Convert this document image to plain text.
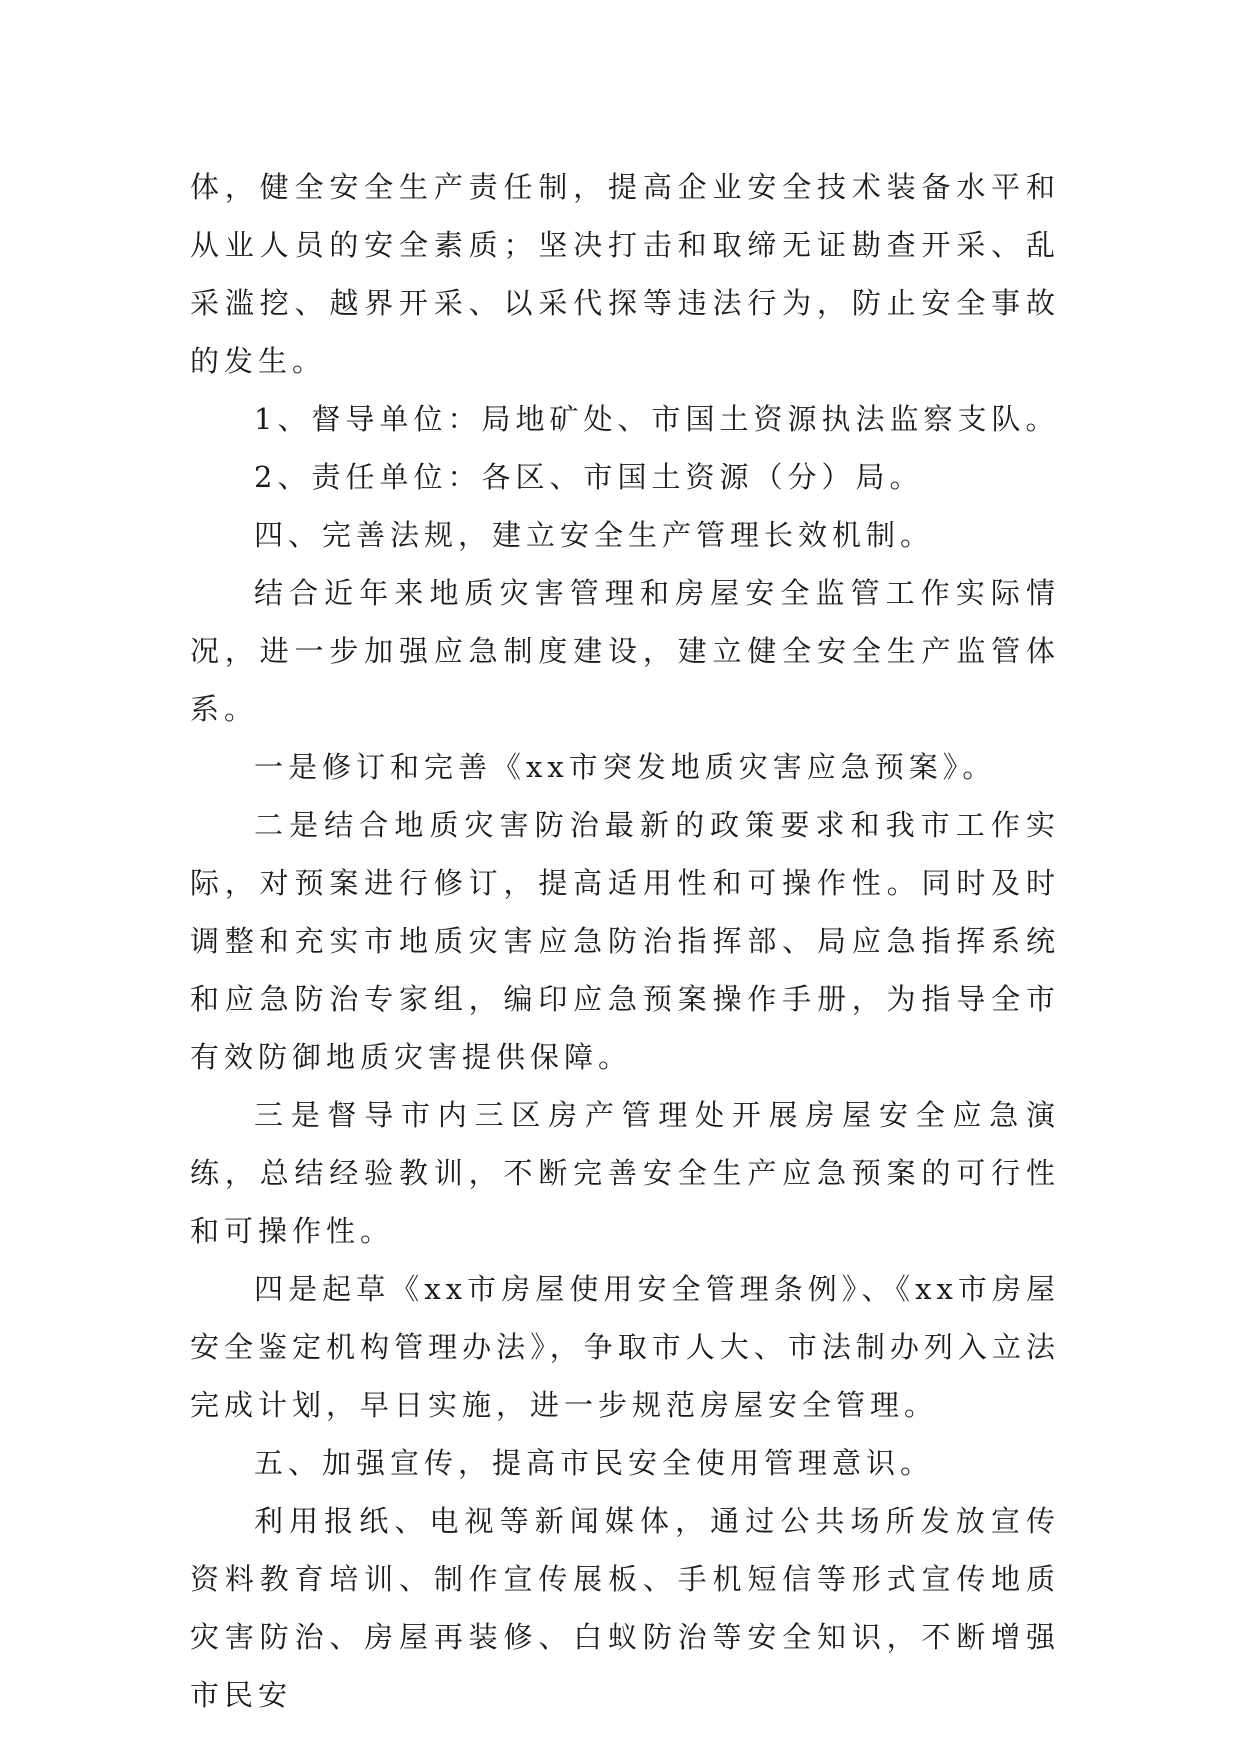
体，健全安全生产责任制，提高企业安全技术装备水平和从业人员的安全素质；坚决打击和取缔无证勘查开采、乱采滥挖、越界开采、以采代探等违法行为，防止安全事故的发生。

1、督导单位：局地矿处、市国土资源执法监察支队。

2、责任单位：各区、市国土资源（分）局。

四、完善法规，建立安全生产管理长效机制。

结合近年来地质灾害管理和房屋安全监管工作实际情况，进一步加强应急制度建设，建立健全安全生产监管体系。

一是修订和完善《xx市突发地质灾害应急预案》。

二是结合地质灾害防治最新的政策要求和我市工作实际，对预案进行修订，提高适用性和可操作性。同时及时调整和充实市地质灾害应急防治指挥部、局应急指挥系统和应急防治专家组，编印应急预案操作手册，为指导全市有效防御地质灾害提供保障。

三是督导市内三区房产管理处开展房屋安全应急演练，总结经验教训，不断完善安全生产应急预案的可行性和可操作性。

四是起草《xx市房屋使用安全管理条例》、《xx市房屋安全鉴定机构管理办法》，争取市人大、市法制办列入立法完成计划，早日实施，进一步规范房屋安全管理。

五、加强宣传，提高市民安全使用管理意识。

利用报纸、电视等新闻媒体，通过公共场所发放宣传资料教育培训、制作宣传展板、手机短信等形式宣传地质灾害防治、房屋再装修、白蚁防治等安全知识，不断增强市民安
